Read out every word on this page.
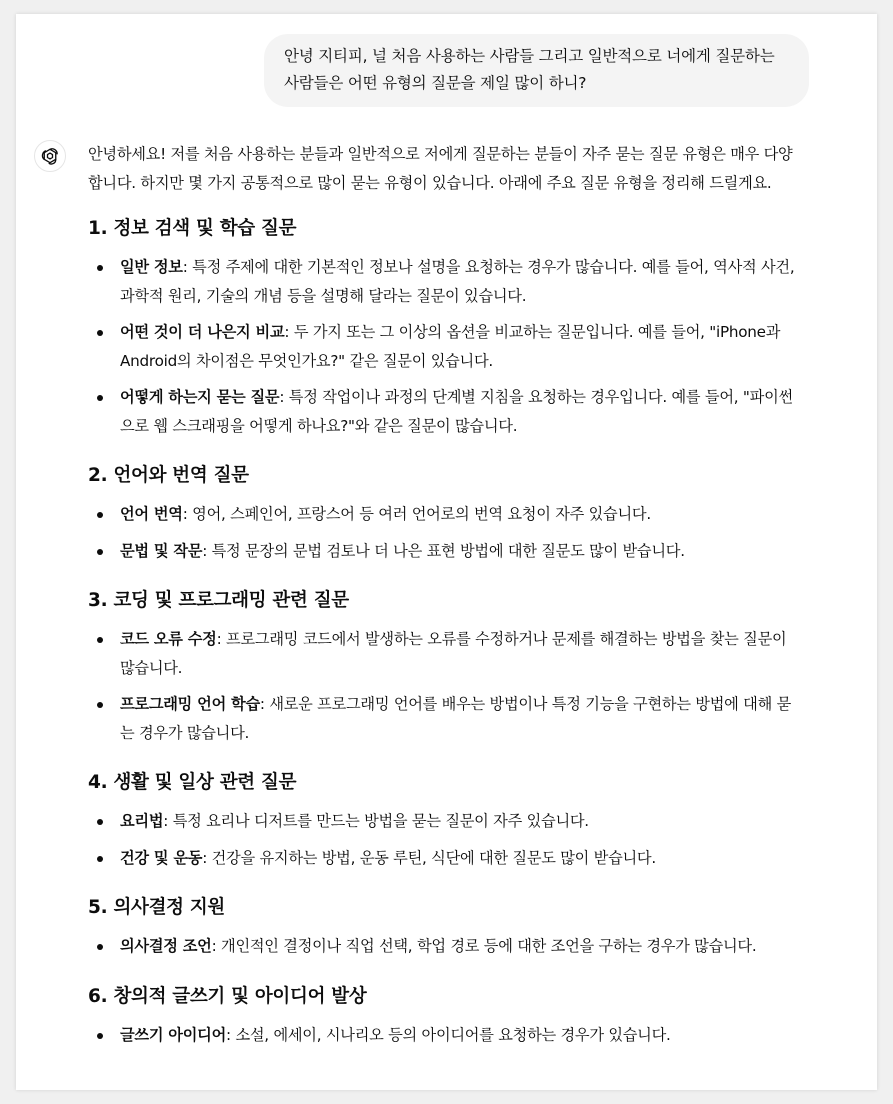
안녕 지티피, 널 처음 사용하는 사람들 그리고 일반적으로 너에게 질문하는 사람들은 어떤 유형의 질문을 제일 많이 하니?

안녕하세요! 저를 처음 사용하는 분들과 일반적으로 저에게 질문하는 분들이 자주 묻는 질문 유형은 매우 다양합니다. 하지만 몇 가지 공통적으로 많이 묻는 유형이 있습니다. 아래에 주요 질문 유형을 정리해 드릴게요.

1. 정보 검색 및 학습 질문
일반 정보: 특정 주제에 대한 기본적인 정보나 설명을 요청하는 경우가 많습니다. 예를 들어, 역사적 사건, 과학적 원리, 기술의 개념 등을 설명해 달라는 질문이 있습니다.
어떤 것이 더 나은지 비교: 두 가지 또는 그 이상의 옵션을 비교하는 질문입니다. 예를 들어, "iPhone과 Android의 차이점은 무엇인가요?" 같은 질문이 있습니다.
어떻게 하는지 묻는 질문: 특정 작업이나 과정의 단계별 지침을 요청하는 경우입니다. 예를 들어, "파이썬으로 웹 스크래핑을 어떻게 하나요?"와 같은 질문이 많습니다.
2. 언어와 번역 질문
언어 번역: 영어, 스페인어, 프랑스어 등 여러 언어로의 번역 요청이 자주 있습니다.
문법 및 작문: 특정 문장의 문법 검토나 더 나은 표현 방법에 대한 질문도 많이 받습니다.
3. 코딩 및 프로그래밍 관련 질문
코드 오류 수정: 프로그래밍 코드에서 발생하는 오류를 수정하거나 문제를 해결하는 방법을 찾는 질문이 많습니다.
프로그래밍 언어 학습: 새로운 프로그래밍 언어를 배우는 방법이나 특정 기능을 구현하는 방법에 대해 묻는 경우가 많습니다.
4. 생활 및 일상 관련 질문
요리법: 특정 요리나 디저트를 만드는 방법을 묻는 질문이 자주 있습니다.
건강 및 운동: 건강을 유지하는 방법, 운동 루틴, 식단에 대한 질문도 많이 받습니다.
5. 의사결정 지원
의사결정 조언: 개인적인 결정이나 직업 선택, 학업 경로 등에 대한 조언을 구하는 경우가 많습니다.
6. 창의적 글쓰기 및 아이디어 발상
글쓰기 아이디어: 소설, 에세이, 시나리오 등의 아이디어를 요청하는 경우가 있습니다.
